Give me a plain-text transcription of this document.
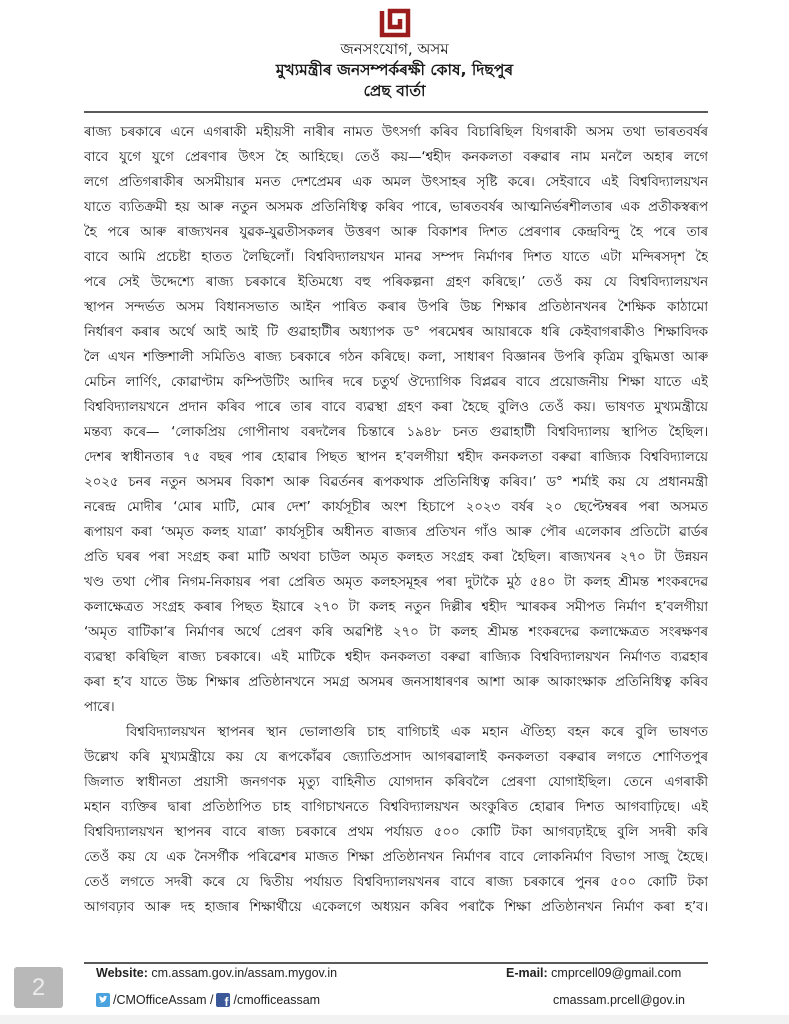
জনসংযোগ, অসম
মুখ্যমন্ত্ৰীৰ জনসম্পৰ্কৰক্ষী কোষ, দিছপুৰ
প্ৰেছ বাৰ্তা
ৰাজ্য চৰকাৰে এনে এগৰাকী মহীয়সী নাৰীৰ নামত উৎসৰ্গা কৰিব বিচাৰিছিল যিগৰাকী অসম তথা ভাৰতবৰ্ষৰ
বাবে যুগে যুগে প্ৰেৰণাৰ উৎস হৈ আহিছে। তেওঁ কয়—‘শ্বহীদ কনকলতা বৰুৱাৰ নাম মনলৈ অহাৰ লগে
লগে প্ৰতিগৰাকীৰ অসমীয়াৰ মনত দেশপ্ৰেমৰ এক অমল উৎসাহৰ সৃষ্টি কৰে। সেইবাবে এই বিশ্ববিদ্যালয়খন
যাতে ব্যতিক্ৰমী হয় আৰু নতুন অসমক প্ৰতিনিধিত্ব কৰিব পাৰে, ভাৰতবৰ্ষৰ আত্মনিৰ্ভৰশীলতাৰ এক প্ৰতীকস্বৰূপ
হৈ পৰে আৰু ৰাজ্যখনৰ যুৱক-যুৱতীসকলৰ উত্তৰণ আৰু বিকাশৰ দিশত প্ৰেৰণাৰ কেন্দ্ৰবিন্দু হৈ পৰে তাৰ
বাবে আমি প্ৰচেষ্টা হাতত লৈছিলোঁ। বিশ্ববিদ্যালয়খন মানৱ সম্পদ নিৰ্মাণৰ দিশত যাতে এটা মন্দিৰসদৃশ হৈ
পৰে সেই উদ্দেশ্যে ৰাজ্য চৰকাৰে ইতিমধ্যে বহু পৰিকল্পনা গ্ৰহণ কৰিছে।’ তেওঁ কয় যে বিশ্ববিদ্যালয়খন
স্থাপন সন্দৰ্ভত অসম বিধানসভাত আইন পাৰিত কৰাৰ উপৰি উচ্চ শিক্ষাৰ প্ৰতিষ্ঠানখনৰ শৈক্ষিক কাঠামো
নিৰ্ধাৰণ কৰাৰ অৰ্থে আই আই টি গুৱাহাটীৰ অধ্যাপক ড° পৰমেশ্বৰ আয়াৰকে ধৰি কেইবাগৰাকীও শিক্ষাবিদক
লৈ এখন শক্তিশালী সমিতিও ৰাজ্য চৰকাৰে গঠন কৰিছে। কলা, সাধাৰণ বিজ্ঞানৰ উপৰি কৃত্ৰিম বুদ্ধিমত্তা আৰু
মেচিন লাৰ্ণিং, কোৱাণ্টাম কম্পিউটিং আদিৰ দৰে চতুৰ্থ ঔদ্যোগিক বিপ্লৱৰ বাবে প্ৰয়োজনীয় শিক্ষা যাতে এই
বিশ্ববিদ্যালয়খনে প্ৰদান কৰিব পাৰে তাৰ বাবে ব্যৱস্থা গ্ৰহণ কৰা হৈছে বুলিও তেওঁ কয়। ভাষণত মুখ্যমন্ত্ৰীয়ে
মন্তব্য কৰে— ‘লোকপ্ৰিয় গোপীনাথ বৰদলৈৰ চিন্তাৰে ১৯৪৮ চনত গুৱাহাটী বিশ্ববিদ্যালয় স্থাপিত হৈছিল।
দেশৰ স্বাধীনতাৰ ৭৫ বছৰ পাৰ হোৱাৰ পিছত স্থাপন হ’বলগীয়া শ্বহীদ কনকলতা বৰুৱা ৰাজ্যিক বিশ্ববিদ্যালয়ে
২০২৫ চনৰ নতুন অসমৰ বিকাশ আৰু বিৱৰ্তনৰ ৰূপকথাক প্ৰতিনিধিত্ব কৰিব।’ ড° শৰ্মাই কয় যে প্ৰধানমন্ত্ৰী
নৰেন্দ্ৰ মোদীৰ ‘মোৰ মাটি, মোৰ দেশ’ কাৰ্যসূচীৰ অংশ হিচাপে ২০২৩ বৰ্ষৰ ২০ ছেপ্টেম্বৰৰ পৰা অসমত
ৰূপায়ণ কৰা ‘অমৃত কলহ যাত্ৰা’ কাৰ্যসূচীৰ অধীনত ৰাজ্যৰ প্ৰতিখন গাঁও আৰু পৌৰ এলেকাৰ প্ৰতিটো ৱাৰ্ডৰ
প্ৰতি ঘৰৰ পৰা সংগ্ৰহ কৰা মাটি অথবা চাউল অমৃত কলহত সংগ্ৰহ কৰা হৈছিল। ৰাজ্যখনৰ ২৭০ টা উন্নয়ন
খণ্ড তথা পৌৰ নিগম-নিকায়ৰ পৰা প্ৰেৰিত অমৃত কলহসমূহৰ পৰা দুটাকৈ মুঠ ৫৪০ টা কলহ শ্ৰীমন্ত শংকৰদেৱ
কলাক্ষেত্ৰত সংগ্ৰহ কৰাৰ পিছত ইয়াৰে ২৭০ টা কলহ নতুন দিল্লীৰ শ্বহীদ স্মাৰকৰ সমীপত নিৰ্মাণ হ’বলগীয়া
‘অমৃত বাটিকা’ৰ নিৰ্মাণৰ অৰ্থে প্ৰেৰণ কৰি অৱশিষ্ট ২৭০ টা কলহ শ্ৰীমন্ত শংকৰদেৱ কলাক্ষেত্ৰত সংৰক্ষণৰ
ব্যৱস্থা কৰিছিল ৰাজ্য চৰকাৰে। এই মাটিকে শ্বহীদ কনকলতা বৰুৱা ৰাজ্যিক বিশ্ববিদ্যালয়খন নিৰ্মাণত ব্যৱহাৰ
কৰা হ’ব যাতে উচ্চ শিক্ষাৰ প্ৰতিষ্ঠানখনে সমগ্ৰ অসমৰ জনসাধাৰণৰ আশা আৰু আকাংক্ষাক প্ৰতিনিধিত্ব কৰিব
পাৰে।
বিশ্ববিদ্যালয়খন স্থাপনৰ স্থান ভোলাগুৰি চাহ বাগিচাই এক মহান ঐতিহ্য বহন কৰে বুলি ভাষণত
উল্লেখ কৰি মুখ্যমন্ত্ৰীয়ে কয় যে ৰূপকোঁৱৰ জ্যোতিপ্ৰসাদ আগৰৱালাই কনকলতা বৰুৱাৰ লগতে শোণিতপুৰ
জিলাত স্বাধীনতা প্ৰয়াসী জনগণক মৃত্যু বাহিনীত যোগদান কৰিবলৈ প্ৰেৰণা যোগাইছিল। তেনে এগৰাকী
মহান ব্যক্তিৰ দ্বাৰা প্ৰতিষ্ঠাপিত চাহ বাগিচাখনতে বিশ্ববিদ্যালয়খন অংকুৰিত হোৱাৰ দিশত আগবাঢ়িছে। এই
বিশ্ববিদ্যালয়খন স্থাপনৰ বাবে ৰাজ্য চৰকাৰে প্ৰথম পৰ্যায়ত ৫০০ কোটি টকা আগবঢ়াইছে বুলি সদৰী কৰি
তেওঁ কয় যে এক নৈসৰ্গীক পৰিৱেশৰ মাজত শিক্ষা প্ৰতিষ্ঠানখন নিৰ্মাণৰ বাবে লোকনিৰ্মাণ বিভাগ সাজু হৈছে।
তেওঁ লগতে সদৰী কৰে যে দ্বিতীয় পৰ্যায়ত বিশ্ববিদ্যালয়খনৰ বাবে ৰাজ্য চৰকাৰে পুনৰ ৫০০ কোটি টকা
আগবঢ়াব আৰু দহ হাজাৰ শিক্ষাৰ্থীয়ে একেলগে অধ্যয়ন কৰিব পৰাকৈ শিক্ষা প্ৰতিষ্ঠানখন নিৰ্মাণ কৰা হ’ব।
2
Website: cm.assam.gov.in/assam.mygov.in	E-mail: cmprcell09@gmail.com
/CMOfficeAssam / f /cmofficeassam	cmassam.prcell@gov.in
